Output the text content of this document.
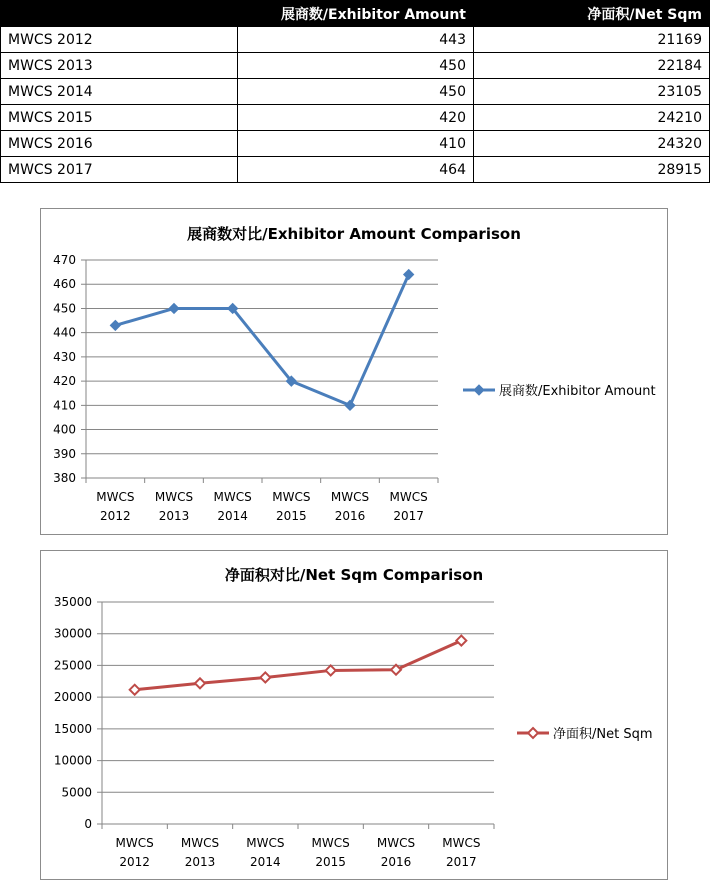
	展商数/Exhibitor Amount	净面积/Net Sqm
MWCS 2012	443	21169
MWCS 2013	450	22184
MWCS 2014	450	23105
MWCS 2015	420	24210
MWCS 2016	410	24320
MWCS 2017	464	28915
展商数对比/Exhibitor Amount Comparison
380
390
400
410
420
430
440
450
460
470
MWCS 2012
MWCS 2013
MWCS 2014
MWCS 2015
MWCS 2016
MWCS 2017
展商数/Exhibitor Amount
净面积对比/Net Sqm Comparison
0
5000
10000
15000
20000
25000
30000
35000
MWCS 2012
MWCS 2013
MWCS 2014
MWCS 2015
MWCS 2016
MWCS 2017
净面积/Net Sqm
